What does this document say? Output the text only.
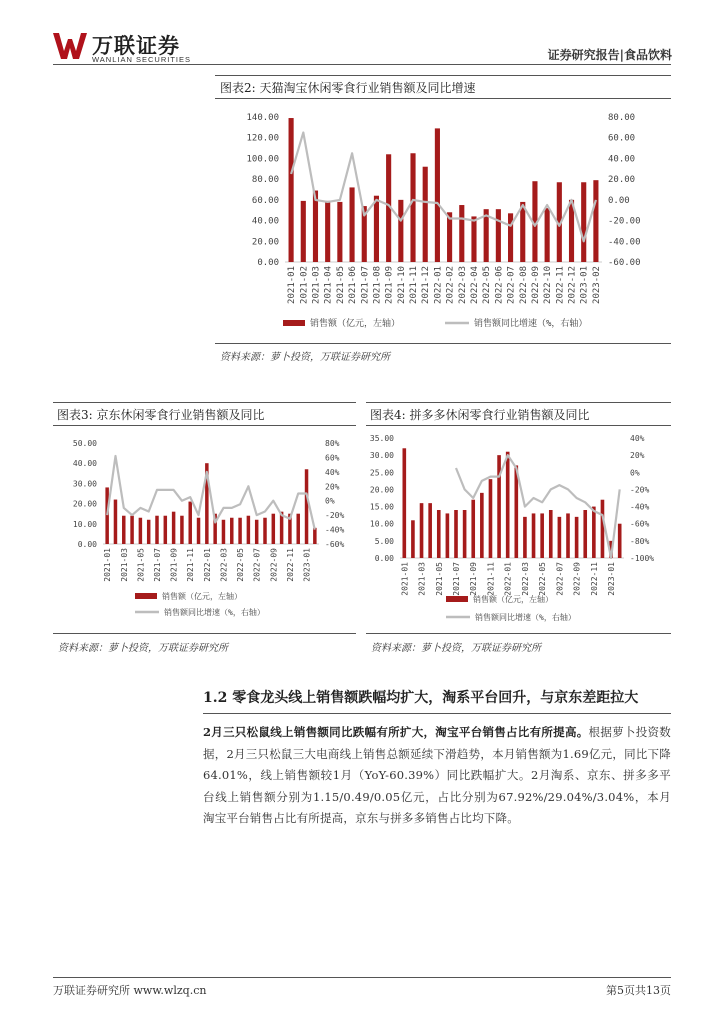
万联证券
WANLIAN SECURITIES	证券研究报告|食品饮料
图表2: 天猫淘宝休闲零食行业销售额及同比增速
0.00
20.00
40.00
60.00
80.00
100.00
120.00
140.00
-60.00
-40.00
-20.00
0.00
20.00
40.00
60.00
80.00
2021-01 2021-02 2021-03 2021-04 2021-05 2021-06 2021-07 2021-08 2021-09 2021-10 2021-11 2021-12 2022-01 2022-02 2022-03 2022-04 2022-05 2022-06 2022-07 2022-08 2022-09 2022-10 2022-11 2022-12 2023-01 2023-02
销售额（亿元，左轴）	销售额同比增速（%，右轴）
资料来源：萝卜投资，万联证券研究所
图表3: 京东休闲零食行业销售额及同比
0.00
10.00
20.00
30.00
40.00
50.00
-60%
-40%
-20%
0%
20%
40%
60%
80%
2021-01 2021-03 2021-05 2021-07 2021-09 2021-11 2022-01 2022-03 2022-05 2022-07 2022-09 2022-11 2023-01
销售额（亿元，左轴）
销售额同比增速（%，右轴）
资料来源：萝卜投资，万联证券研究所
图表4: 拼多多休闲零食行业销售额及同比
0.00
5.00
10.00
15.00
20.00
25.00
30.00
35.00
-100%
-80%
-60%
-40%
-20%
0%
20%
40%
2021-01 2021-03 2021-05 2021-07 2021-09 2021-11 2022-01 2022-03 2022-05 2022-07 2022-09 2022-11 2023-01
销售额（亿元，左轴）
销售额同比增速（%，右轴）
资料来源：萝卜投资，万联证券研究所
1.2 零食龙头线上销售额跌幅均扩大，淘系平台回升，与京东差距拉大
2月三只松鼠线上销售额同比跌幅有所扩大，淘宝平台销售占比有所提高。根据萝卜投资数据，2月三只松鼠三大电商线上销售总额延续下滑趋势，本月销售额为1.69亿元，同比下降64.01%，线上销售额较1月（YoY-60.39%）同比跌幅扩大。2月淘系、京东、拼多多平台线上销售额分别为1.15/0.49/0.05亿元，占比分别为67.92%/29.04%/3.04%，本月淘宝平台销售占比有所提高，京东与拼多多销售占比均下降。
万联证券研究所 www.wlzq.cn	第5页共13页
